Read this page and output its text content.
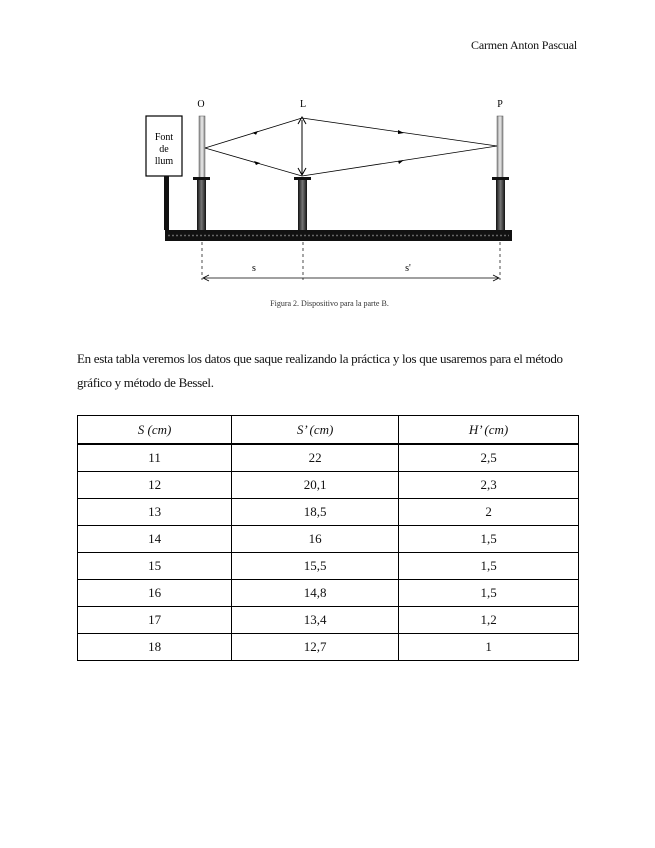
Carmen Anton Pascual
Font
de
llum
O	L	P
s	s'
Figura 2. Dispositivo para la parte B.
En esta tabla veremos los datos que saque realizando la práctica y los que usaremos para el método gráfico y método de Bessel.
S (cm)	S’ (cm)	H’ (cm)
11	22	2,5
12	20,1	2,3
13	18,5	2
14	16	1,5
15	15,5	1,5
16	14,8	1,5
17	13,4	1,2
18	12,7	1
